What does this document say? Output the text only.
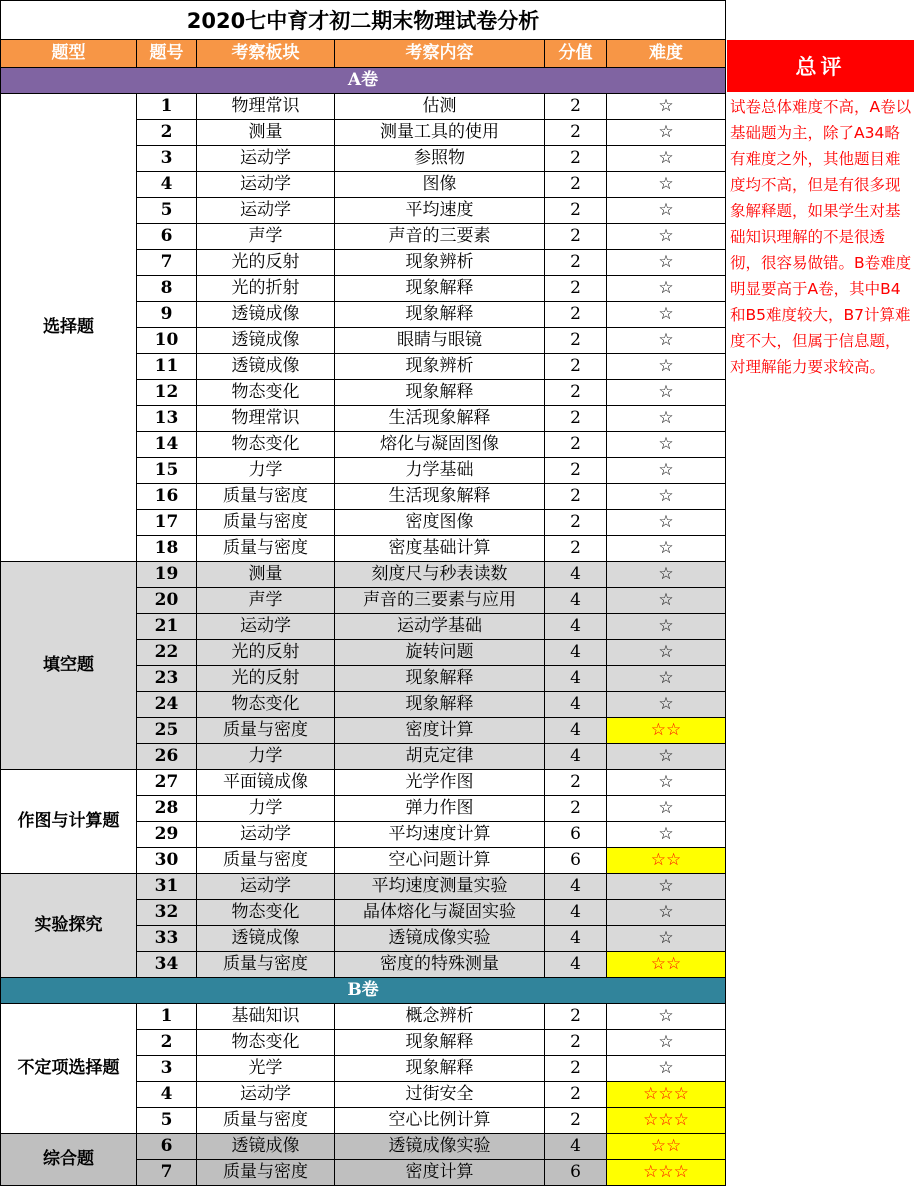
2020七中育才初二期末物理试卷分析
题型	题号	考察板块	考察内容	分值	难度
A卷
选择题
1	物理常识	估测	2	☆
2	测量	测量工具的使用	2	☆
3	运动学	参照物	2	☆
4	运动学	图像	2	☆
5	运动学	平均速度	2	☆
6	声学	声音的三要素	2	☆
7	光的反射	现象辨析	2	☆
8	光的折射	现象解释	2	☆
9	透镜成像	现象解释	2	☆
10	透镜成像	眼睛与眼镜	2	☆
11	透镜成像	现象辨析	2	☆
12	物态变化	现象解释	2	☆
13	物理常识	生活现象解释	2	☆
14	物态变化	熔化与凝固图像	2	☆
15	力学	力学基础	2	☆
16	质量与密度	生活现象解释	2	☆
17	质量与密度	密度图像	2	☆
18	质量与密度	密度基础计算	2	☆
填空题
19	测量	刻度尺与秒表读数	4	☆
20	声学	声音的三要素与应用	4	☆
21	运动学	运动学基础	4	☆
22	光的反射	旋转问题	4	☆
23	光的反射	现象解释	4	☆
24	物态变化	现象解释	4	☆
25	质量与密度	密度计算	4	☆☆
26	力学	胡克定律	4	☆
作图与计算题
27	平面镜成像	光学作图	2	☆
28	力学	弹力作图	2	☆
29	运动学	平均速度计算	6	☆
30	质量与密度	空心问题计算	6	☆☆
实验探究
31	运动学	平均速度测量实验	4	☆
32	物态变化	晶体熔化与凝固实验	4	☆
33	透镜成像	透镜成像实验	4	☆
34	质量与密度	密度的特殊测量	4	☆☆
B卷
不定项选择题
1	基础知识	概念辨析	2	☆
2	物态变化	现象解释	2	☆
3	光学	现象解释	2	☆
4	运动学	过街安全	2	☆☆☆
5	质量与密度	空心比例计算	2	☆☆☆
综合题
6	透镜成像	透镜成像实验	4	☆☆
7	质量与密度	密度计算	6	☆☆☆
总评
试卷总体难度不高，A卷以基础题为主，除了A34略有难度之外，其他题目难度均不高，但是有很多现象解释题，如果学生对基础知识理解的不是很透彻，很容易做错。B卷难度明显要高于A卷，其中B4和B5难度较大，B7计算难度不大，但属于信息题，对理解能力要求较高。
